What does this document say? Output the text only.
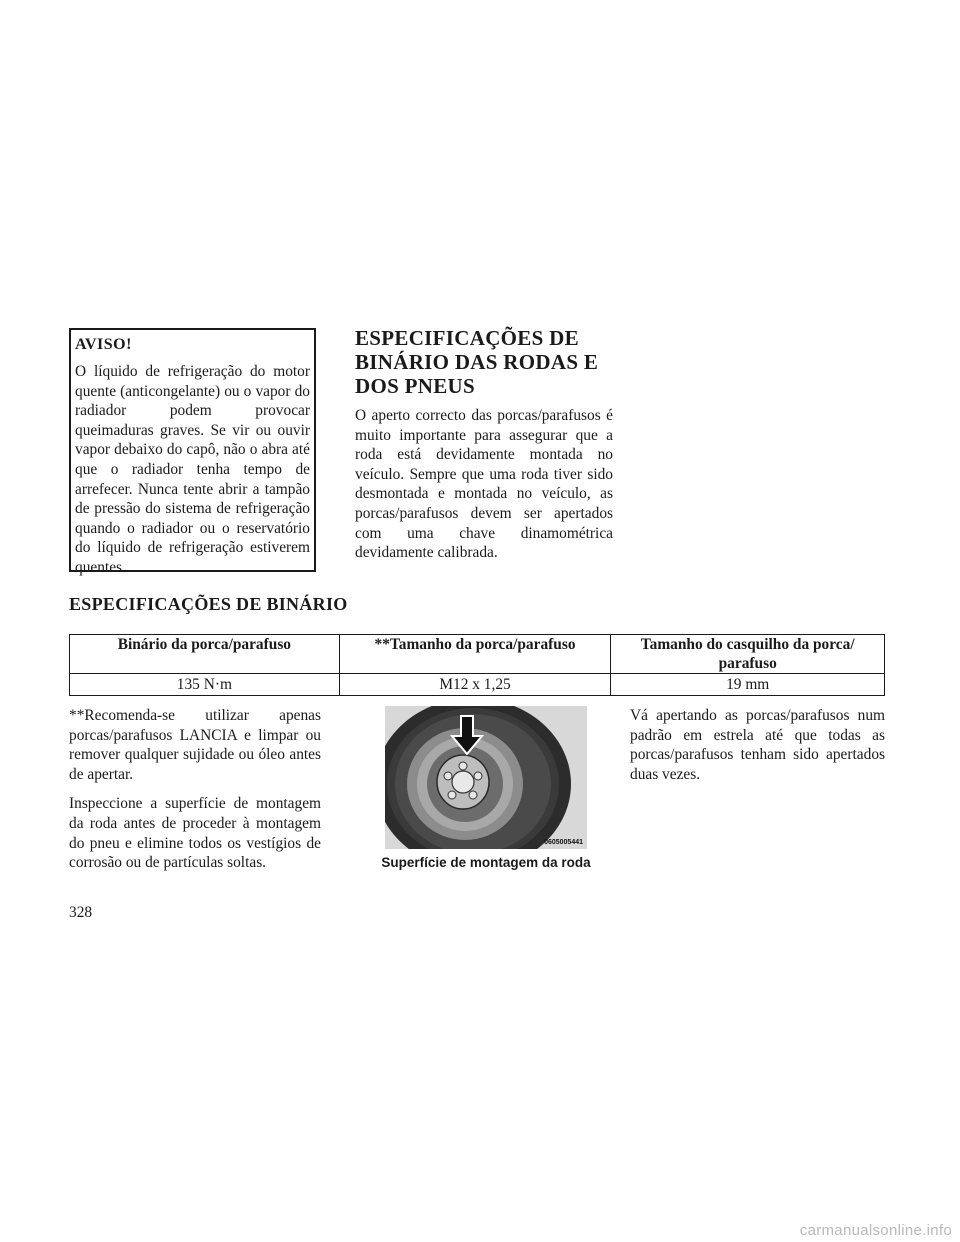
AVISO!

O líquido de refrigeração do motor quente (anticongelante) ou o vapor do radiador podem provocar queimaduras graves. Se vir ou ouvir vapor debaixo do capô, não o abra até que o radiador tenha tempo de arrefecer. Nunca tente abrir a tampão de pressão do sistema de refrigeração quando o radiador ou o reservatório do líquido de refrigeração estiverem quentes.

ESPECIFICAÇÕES DE BINÁRIO DAS RODAS E DOS PNEUS

O aperto correcto das porcas/parafusos é muito importante para assegurar que a roda está devidamente montada no veículo. Sempre que uma roda tiver sido desmontada e montada no veículo, as porcas/parafusos devem ser apertados com uma chave dinamométrica devidamente calibrada.

ESPECIFICAÇÕES DE BINÁRIO
Binário da porca/parafuso	**Tamanho da porca/parafuso	Tamanho do casquilho da porca/ parafuso
135 N·m	M12 x 1,25	19 mm

**Recomenda-se utilizar apenas porcas/parafusos LANCIA e limpar ou remover qualquer sujidade ou óleo antes de apertar.

Inspeccione a superfície de montagem da roda antes de proceder à montagem do pneu e elimine todos os vestígios de corrosão ou de partículas soltas.

0605005441
Superfície de montagem da roda

Vá apertando as porcas/parafusos num padrão em estrela até que todas as porcas/parafusos tenham sido apertados duas vezes.

328
carmanualsonline.info
